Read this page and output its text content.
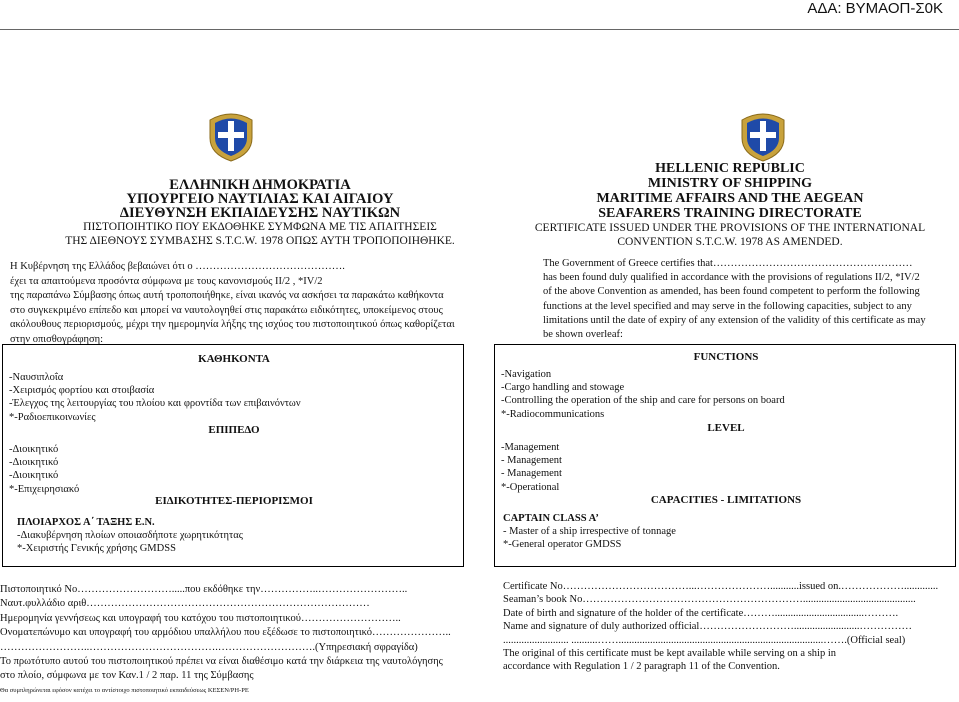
ΑΔΑ: ΒΥΜΑΟΠ-Σ0Κ
ΕΛΛΗΝΙΚΗ ΔΗΜΟΚΡΑΤΙΑ
ΥΠΟΥΡΓΕΙΟ ΝΑΥΤΙΛΙΑΣ ΚΑΙ ΑΙΓΑΙΟΥ
ΔΙΕΥΘΥΝΣΗ ΕΚΠΑΙΔΕΥΣΗΣ ΝΑΥΤΙΚΩΝ
ΠΙΣΤΟΠΟΙΗΤΙΚΟ ΠΟΥ ΕΚΔΟΘΗΚΕ ΣΥΜΦΩΝΑ ΜΕ ΤΙΣ ΑΠΑΙΤΗΣΕΙΣ
ΤΗΣ ΔΙΕΘΝΟΥΣ ΣΥΜΒΑΣΗΣ S.T.C.W. 1978 ΟΠΩΣ ΑΥΤΗ ΤΡΟΠΟΠΟΙΗΘΗΚΕ.
HELLENIC REPUBLIC
MINISTRY OF SHIPPING
MARITIME AFFAIRS AND THE AEGEAN
SEAFARERS TRAINING DIRECTORATE
CERTIFICATE ISSUED UNDER THE PROVISIONS OF THE INTERNATIONAL
CONVENTION S.T.C.W. 1978 AS AMENDED.
Η Κυβέρνηση της Ελλάδος βεβαιώνει ότι ο …………………………………….
έχει τα απαιτούμενα προσόντα σύμφωνα με τους κανονισμούς II/2 , *IV/2
της παραπάνω Σύμβασης όπως αυτή τροποποιήθηκε, είναι ικανός να ασκήσει τα παρακάτω καθήκοντα
στο συγκεκριμένο επίπεδο και μπορεί να ναυτολογηθεί στις παρακάτω ειδικότητες, υποκείμενος στους
ακόλουθους περιορισμούς, μέχρι την ημερομηνία λήξης της ισχύος του πιστοποιητικού όπως καθορίζεται
στην οπισθογράφηση:
The Government of Greece certifies that…………………………………………………
has been found duly qualified in accordance with the provisions of regulations II/2, *IV/2
of the above Convention as amended, has been found competent to perform the following
functions at the level specified and may serve in the following capacities, subject to any
limitations until the date of expiry of any extension of the validity of this certificate as may
be shown overleaf:
ΚΑΘΗΚΟΝΤΑ
-Ναυσιπλοΐα
-Χειρισμός φορτίου και στοιβασία
-Έλεγχος της λειτουργίας του πλοίου και φροντίδα των επιβαινόντων
*-Ραδιοεπικοινωνίες
ΕΠΙΠΕΔΟ
-Διοικητικό
-Διοικητικό
-Διοικητικό
*-Επιχειρησιακό
ΕΙΔΙΚΟΤΗΤΕΣ-ΠΕΡΙΟΡΙΣΜΟΙ
ΠΛΟΙΑΡΧΟΣ Α΄ ΤΑΞΗΣ Ε.Ν.
-Διακυβέρνηση πλοίων οποιασδήποτε χωρητικότητας
*-Χειριστής Γενικής χρήσης GMDSS
FUNCTIONS
-Navigation
-Cargo handling and stowage
-Controlling the operation of the ship and care for persons on board
*-Radiocommunications
LEVEL
-Management
- Management
- Management
*-Operational
CAPACITIES - LIMITATIONS
CAPTAIN CLASS A’
- Master of a ship irrespective of tonnage
*-General operator GMDSS
Πιστοποιητικό Νο……………………….....που εκδόθηκε την……………..……………………..
Ναυτ.φυλλάδιο αριθ………………………………………………………………………
Ημερομηνία γεννήσεως και υπογραφή του κατόχου του πιστοποιητικού………………………..
Ονοματεπώνυμο και υπογραφή του αρμόδιου υπαλλήλου που εξέδωσε το πιστοποιητικό…………………..
……………………..……………………………….……………………….(Υπηρεσιακή σφραγίδα)
Το πρωτότυπο αυτού του πιστοποιητικού πρέπει να είναι διαθέσιμο κατά την διάρκεια της ναυτολόγησης
στο πλοίο, σύμφωνα με τον Καν.1 / 2 παρ. 11 της Σύμβασης
Θα συμπληρώνεται εφόσον κατέχει το αντίστοιχο πιστοποιητικό εκπαιδεύσεως ΚΕΣΕΝ/ΡΗ-ΡΕ
Certificate No………………………………...…………………...........issued on.……………….............
Seaman’s book No………………………………………………………...........................................
Date of birth and signature of the holder of the certificate………..................................……….
Name and signature of duly authorized official……………………….........................……………
......................... ..........……..............................................................................…….(Official seal)
The original of this certificate must be kept available while serving on a ship in
accordance with Regulation 1 / 2 paragraph 11 of the Convention.
